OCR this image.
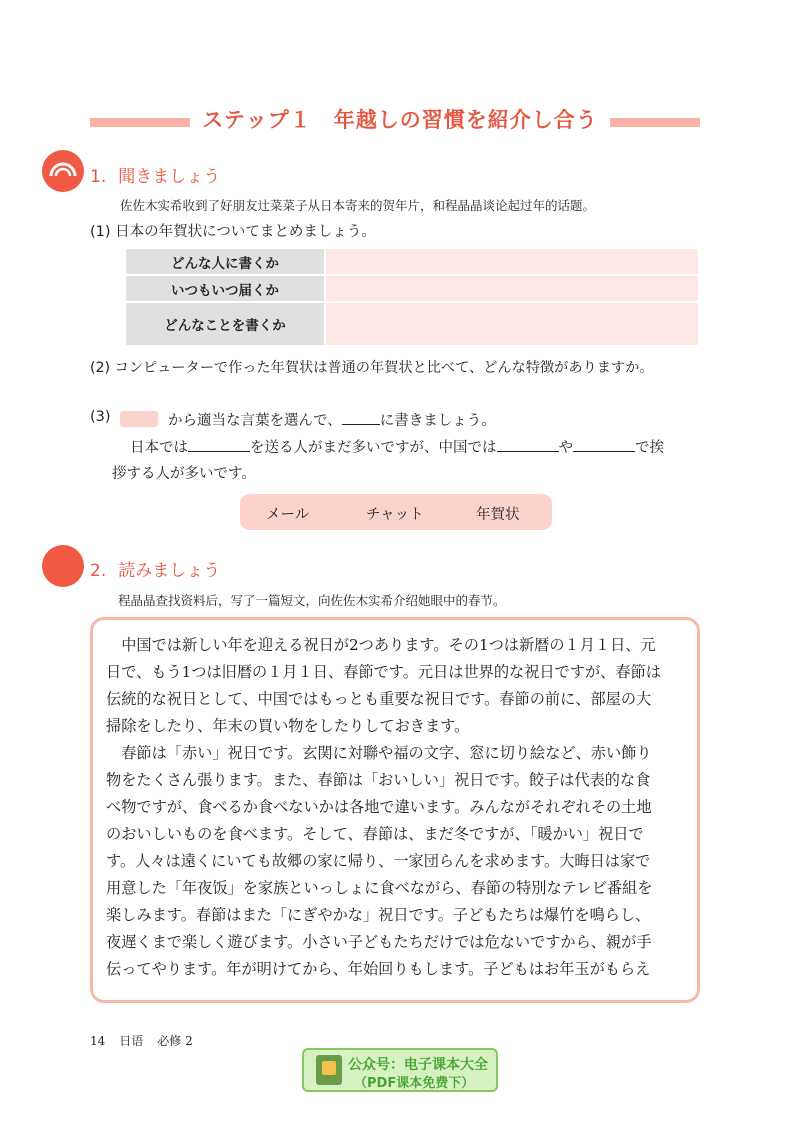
ステップ１　年越しの習慣を紹介し合う
1. 聞きましょう
佐佐木实希收到了好朋友辻菜菜子从日本寄来的贺年片，和程晶晶谈论起过年的话题。
(1) 日本の年賀状についてまとめましょう。
どんな人に書くか	
いつもいつ届くか	
どんなことを書くか	
(2) コンピューターで作った年賀状は普通の年賀状と比べて、どんな特徴がありますか。
(3)	から適当な言葉を選んで、	に書きましょう。
日本では	を送る人がまだ多いですが、中国では	や	で挨
拶する人が多いです。
メール	チャット	年賀状
2. 読みましょう
程晶晶查找资料后，写了一篇短文，向佐佐木实希介绍她眼中的春节。
　中国では新しい年を迎える祝日が2つあります。その1つは新暦の１月１日、元
日で、もう1つは旧暦の１月１日、春節です。元日は世界的な祝日ですが、春節は
伝統的な祝日として、中国ではもっとも重要な祝日です。春節の前に、部屋の大
掃除をしたり、年末の買い物をしたりしておきます。
　春節は「赤い」祝日です。玄関に対聯や福の文字、窓に切り絵など、赤い飾り
物をたくさん張ります。また、春節は「おいしい」祝日です。餃子は代表的な食
べ物ですが、食べるか食べないかは各地で違います。みんながそれぞれその土地
のおいしいものを食べます。そして、春節は、まだ冬ですが、「暖かい」祝日で
す。人々は遠くにいても故郷の家に帰り、一家団らんを求めます。大晦日は家で
用意した「年夜饭」を家族といっしょに食べながら、春節の特別なテレビ番組を
楽しみます。春節はまた「にぎやかな」祝日です。子どもたちは爆竹を鳴らし、
夜遅くまで楽しく遊びます。小さい子どもたちだけでは危ないですから、親が手
伝ってやります。年が明けてから、年始回りもします。子どもはお年玉がもらえ
14 日语 必修 2
公众号：电子课本大全
（PDF课本免费下）
